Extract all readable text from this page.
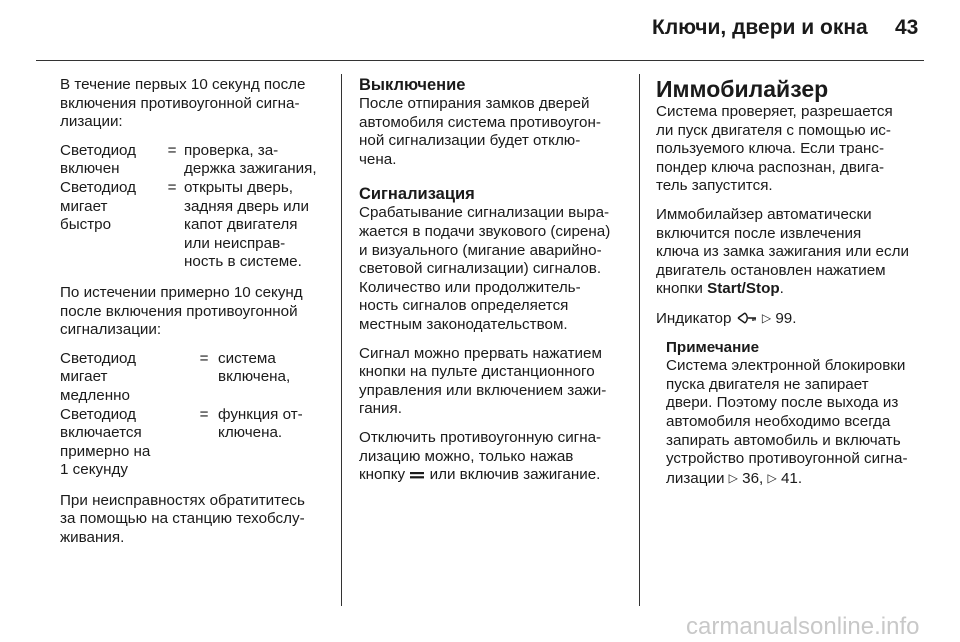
Ключи, двери и окна 43

В течение первых 10 секунд после
включения противоугонной сигна-
лизации:

Светодиод
включен
= проверка, за-
держка зажигания,
Светодиод
мигает
быстро
= открыты дверь,
задняя дверь или
капот двигателя
или неисправ-
ность в системе.

По истечении примерно 10 секунд
после включения противоугонной
сигнализации:

Светодиод
мигает
медленно
= система
включена,
Светодиод
включается
примерно на
1 секунду
= функция от-
ключена.

При неисправностях обратититесь
за помощью на станцию техобслу-
живания.

Выключение

После отпирания замков дверей
автомобиля система противоугон-
ной сигнализации будет отклю-
чена.

Сигнализация

Срабатывание сигнализации выра-
жается в подачи звукового (сирена)
и визуального (мигание аварийно-
световой сигнализации) сигналов.
Количество или продолжитель-
ность сигналов определяется
местным законодательством.

Сигнал можно прервать нажатием
кнопки на пульте дистанционного
управления или включением зажи-
гания.

Отключить противоугонную сигна-
лизацию можно, только нажав
кнопку или включив зажигание.

Иммобилайзер

Система проверяет, разрешается
ли пуск двигателя с помощью ис-
пользуемого ключа. Если транс-
пондер ключа распознан, двига-
тель запустится.

Иммобилайзер автоматически
включится после извлечения
ключа из замка зажигания или если
двигатель остановлен нажатием
кнопки Start/Stop.

Индикатор	▷ 99.

Примечание
Система электронной блокировки
пуска двигателя не запирает
двери. Поэтому после выхода из
автомобиля необходимо всегда
запирать автомобиль и включать
устройство противоугонной сигна-
лизации ▷ 36, ▷ 41.
carmanualsonline.info
